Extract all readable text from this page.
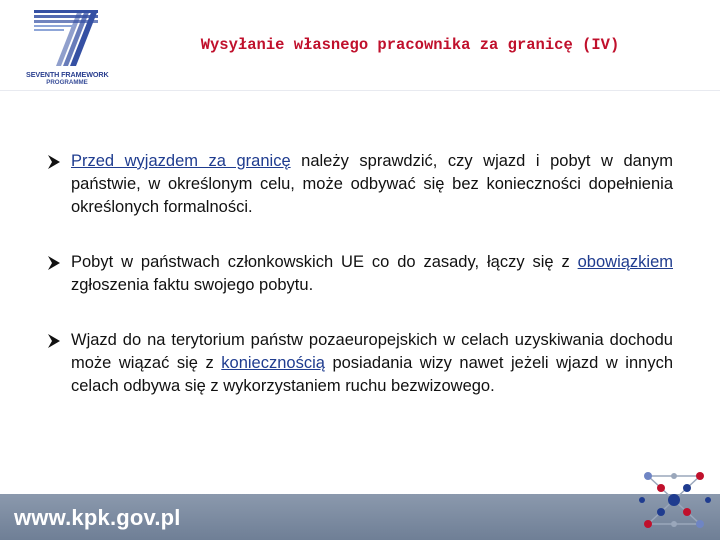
SEVENTH FRAMEWORK
PROGRAMME
Wysyłanie własnego pracownika za granicę (IV)

Przed wyjazdem za granicę należy sprawdzić, czy wjazd i pobyt w danym państwie, w określonym celu, może odbywać się bez konieczności dopełnienia określonych formalności.

Pobyt w państwach członkowskich UE co do zasady, łączy się z obowiązkiem zgłoszenia faktu swojego pobytu.

Wjazd do na terytorium państw pozaeuropejskich w celach uzyskiwania dochodu może wiązać się z koniecznością posiadania wizy nawet jeżeli wjazd w innych celach odbywa się z wykorzystaniem ruchu bezwizowego.

www.kpk.gov.pl
